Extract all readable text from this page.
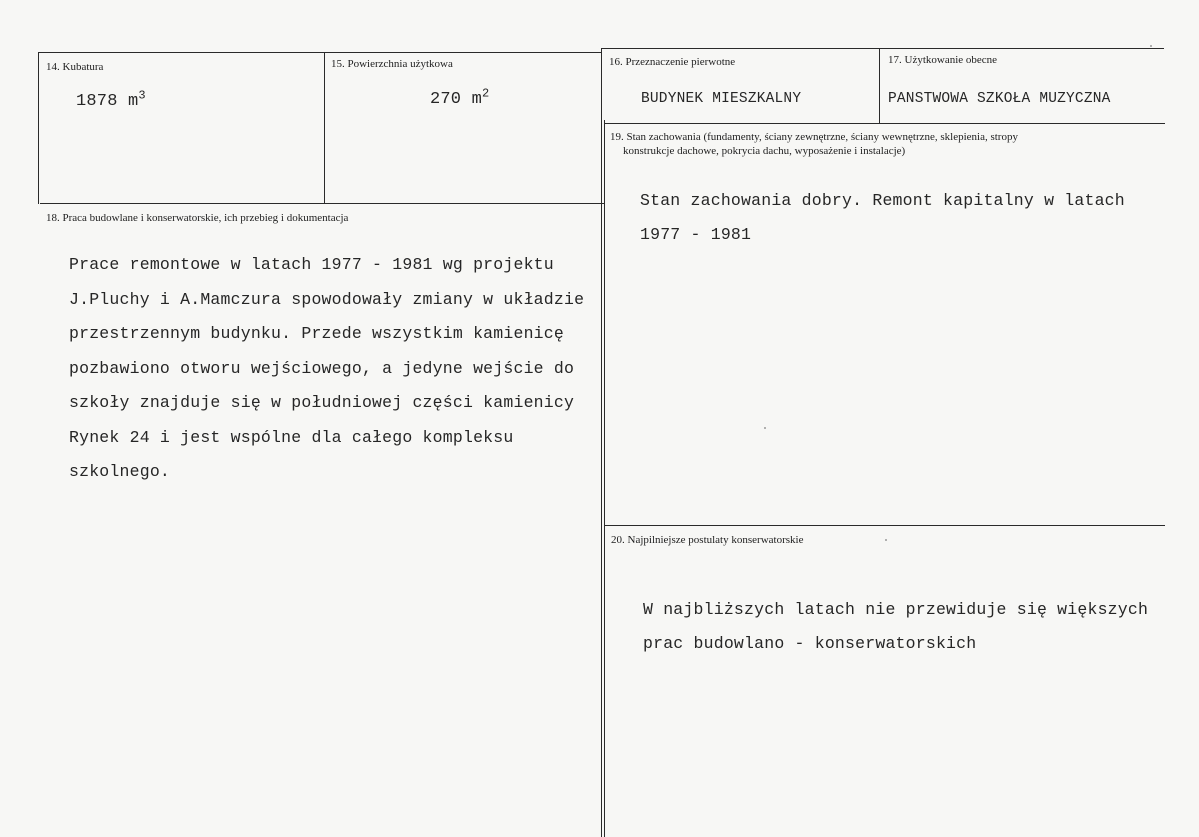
14. Kubatura
1878 $m^3$
15. Powierzchnia użytkowa
270 $m^2$
16. Przeznaczenie pierwotne
BUDYNEK MIESZKALNY
17. Użytkowanie obecne
PANSTWOWA SZKOŁA MUZYCZNA
18. Praca budowlane i konserwatorskie, ich przebieg i dokumentacja
Prace remontowe w latach 1977 - 1981 wg projektu
J.Pluchy i A.Mamczura spowodowały zmiany w układzie
przestrzennym budynku. Przede wszystkim kamienicę
pozbawiono otworu wejściowego, a jedyne wejście do
szkoły znajduje się w południowej części kamienicy
Rynek 24 i jest wspólne dla całego kompleksu
szkolnego.
19. Stan zachowania (fundamenty, ściany zewnętrzne, ściany wewnętrzne, sklepienia, stropy
konstrukcje dachowe, pokrycia dachu, wyposażenie i instalacje)
Stan zachowania dobry. Remont kapitalny w latach
1977 - 1981
20. Najpilniejsze postulaty konserwatorskie
W najbliższych latach nie przewiduje się większych
prac budowlano - konserwatorskich
